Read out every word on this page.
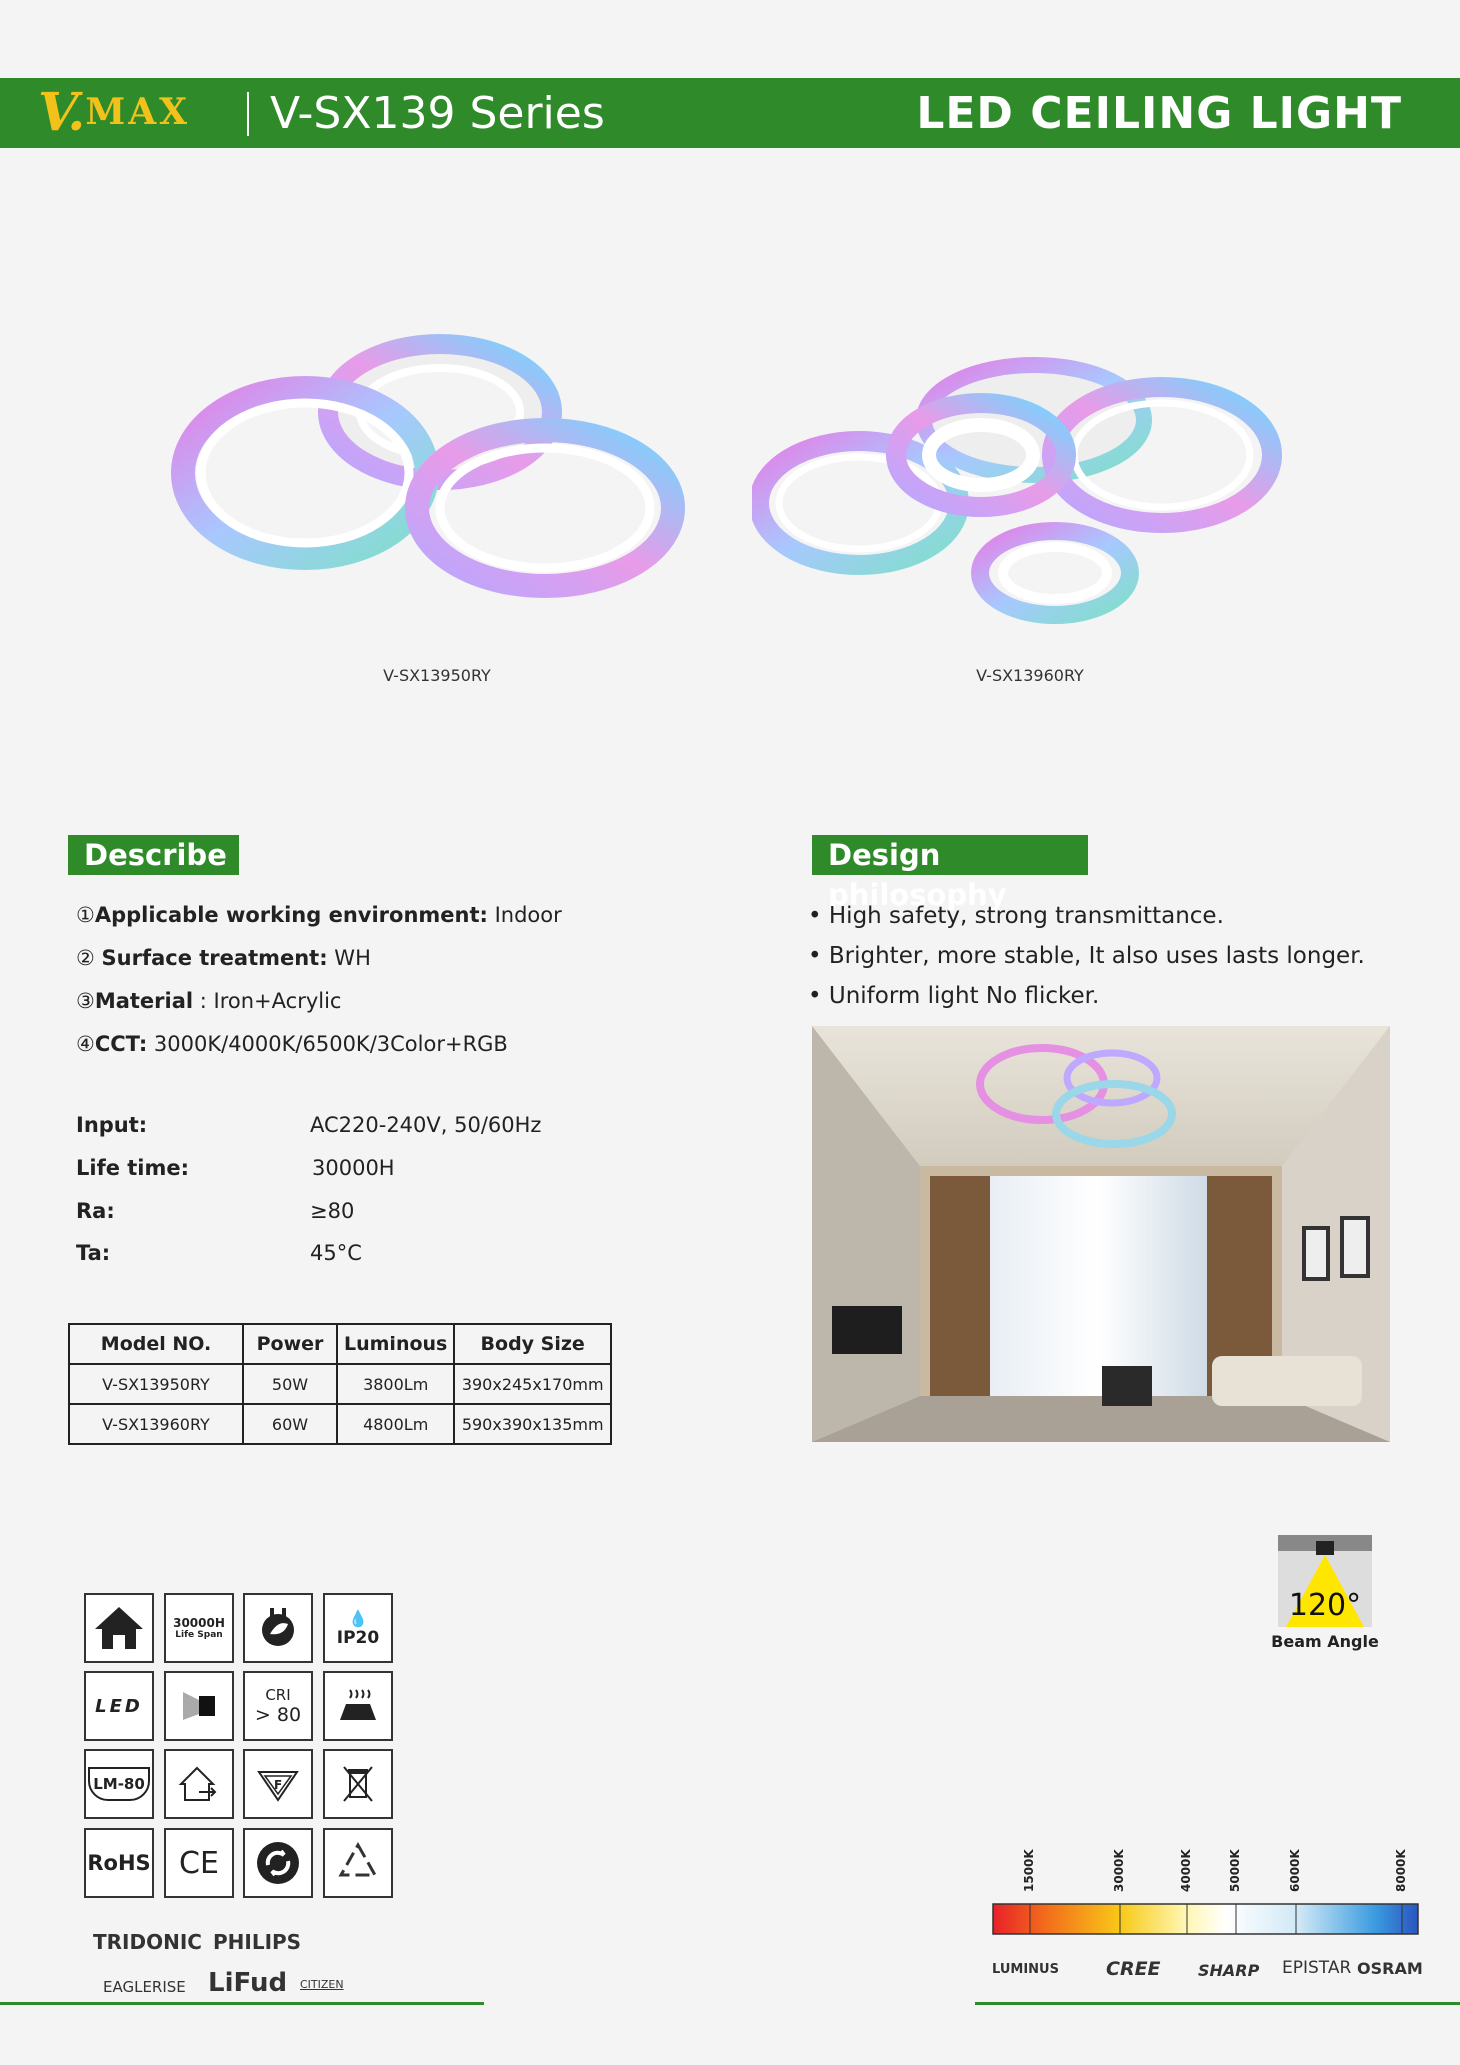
V. MAX V-SX139 Series	LED CEILING LIGHT
V-SX13950RY	V-SX13960RY
Describe
①Applicable working environment: Indoor
② Surface treatment: WH
③Material : Iron+Acrylic
④CCT: 3000K/4000K/6500K/3Color+RGB
Input:	AC220-240V, 50/60Hz
Life time:	30000H
Ra:	≥80
Ta:	45°C
Model NO.	Power	Luminous	Body Size
V-SX13950RY	50W	3800Lm	390x245x170mm
V-SX13960RY	60W	4800Lm	590x390x135mm
Design philosophy
• High safety, strong transmittance.
• Brighter, more stable, It also uses lasts longer.
• Uniform light No flicker.
120°
Beam Angle
30000H
Life Span
💧
IP20
LED
CRI
> 80
LM-80	F
RoHS CE
TRIDONIC PHILIPS
EAGLERISE LiFud CITIZEN
1500K	3000K	4000K	5000K	6000K	8000K
LUMINUS CREE SHARP EPISTAR OSRAM
